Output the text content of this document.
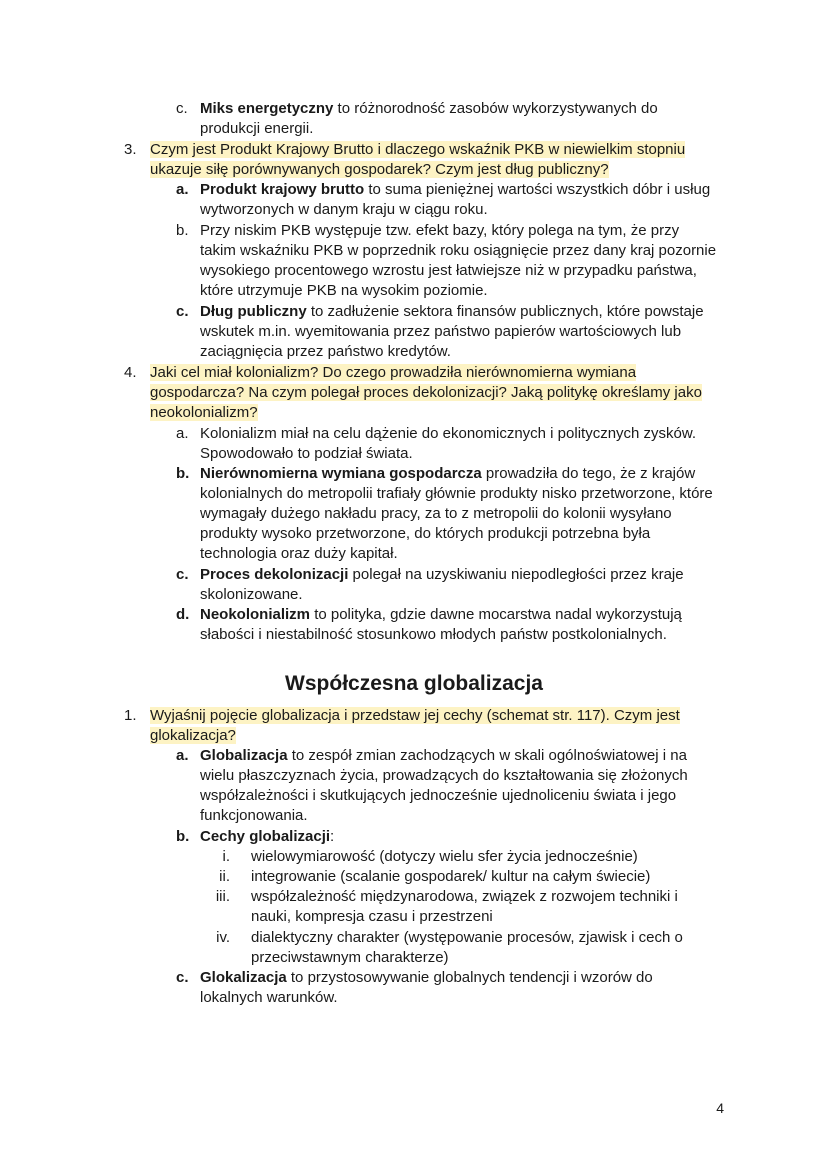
c. Miks energetyczny to różnorodność zasobów wykorzystywanych do
produkcji energii.
3. Czym jest Produkt Krajowy Brutto i dlaczego wskaźnik PKB w niewielkim stopniu
ukazuje siłę porównywanych gospodarek? Czym jest dług publiczny?
a. Produkt krajowy brutto to suma pieniężnej wartości wszystkich dóbr i usług
wytworzonych w danym kraju w ciągu roku.
b. Przy niskim PKB występuje tzw. efekt bazy, który polega na tym, że przy
takim wskaźniku PKB w poprzednik roku osiągnięcie przez dany kraj pozornie
wysokiego procentowego wzrostu jest łatwiejsze niż w przypadku państwa,
które utrzymuje PKB na wysokim poziomie.
c. Dług publiczny to zadłużenie sektora finansów publicznych, które powstaje
wskutek m.in. wyemitowania przez państwo papierów wartościowych lub
zaciągnięcia przez państwo kredytów.
4. Jaki cel miał kolonializm? Do czego prowadziła nierównomierna wymiana
gospodarcza? Na czym polegał proces dekolonizacji? Jaką politykę określamy jako
neokolonializm?
a. Kolonializm miał na celu dążenie do ekonomicznych i politycznych zysków.
Spowodowało to podział świata.
b. Nierównomierna wymiana gospodarcza prowadziła do tego, że z krajów
kolonialnych do metropolii trafiały głównie produkty nisko przetworzone, które
wymagały dużego nakładu pracy, za to z metropolii do kolonii wysyłano
produkty wysoko przetworzone, do których produkcji potrzebna była
technologia oraz duży kapitał.
c. Proces dekolonizacji polegał na uzyskiwaniu niepodległości przez kraje
skolonizowane.
d. Neokolonializm to polityka, gdzie dawne mocarstwa nadal wykorzystują
słabości i niestabilność stosunkowo młodych państw postkolonialnych.
Współczesna globalizacja
1. Wyjaśnij pojęcie globalizacja i przedstaw jej cechy (schemat str. 117). Czym jest
glokalizacja?
a. Globalizacja to zespół zmian zachodzących w skali ogólnoświatowej i na
wielu płaszczyznach życia, prowadzących do kształtowania się złożonych
współzależności i skutkujących jednocześnie ujednoliceniu świata i jego
funkcjonowania.
b. Cechy globalizacji:
i. wielowymiarowość (dotyczy wielu sfer życia jednocześnie)
ii. integrowanie (scalanie gospodarek/ kultur na całym świecie)
iii. współzależność międzynarodowa, związek z rozwojem techniki i
nauki, kompresja czasu i przestrzeni
iv. dialektyczny charakter (występowanie procesów, zjawisk i cech o
przeciwstawnym charakterze)
c. Glokalizacja to przystosowywanie globalnych tendencji i wzorów do
lokalnych warunków.
4
